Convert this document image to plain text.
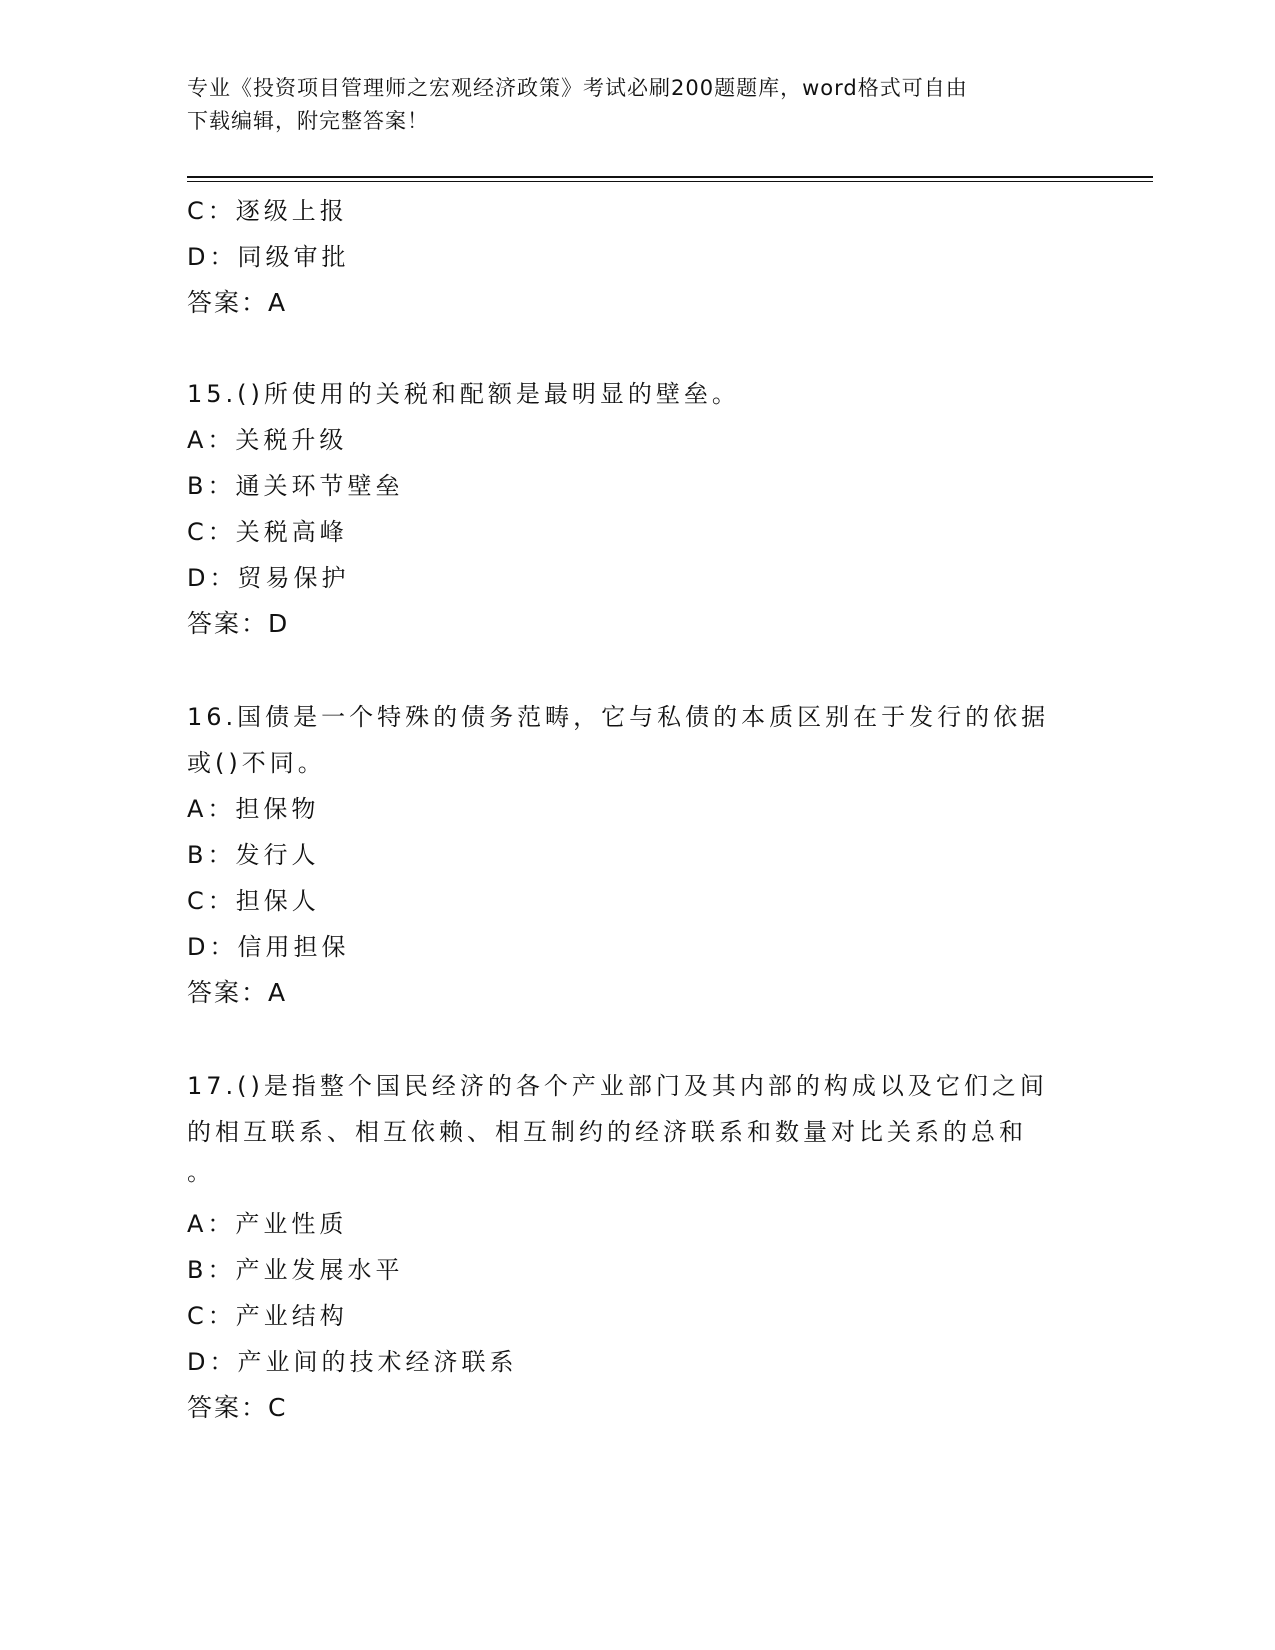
专业《投资项目管理师之宏观经济政策》考试必刷200题题库，word格式可自由
下载编辑，附完整答案！
C：逐级上报
D：同级审批
答案：A
15.()所使用的关税和配额是最明显的壁垒。
A：关税升级
B：通关环节壁垒
C：关税高峰
D：贸易保护
答案：D
16.国债是一个特殊的债务范畴，它与私债的本质区别在于发行的依据
或()不同。
A：担保物
B：发行人
C：担保人
D：信用担保
答案：A
17.()是指整个国民经济的各个产业部门及其内部的构成以及它们之间
的相互联系、相互依赖、相互制约的经济联系和数量对比关系的总和
。
A：产业性质
B：产业发展水平
C：产业结构
D：产业间的技术经济联系
答案：C
